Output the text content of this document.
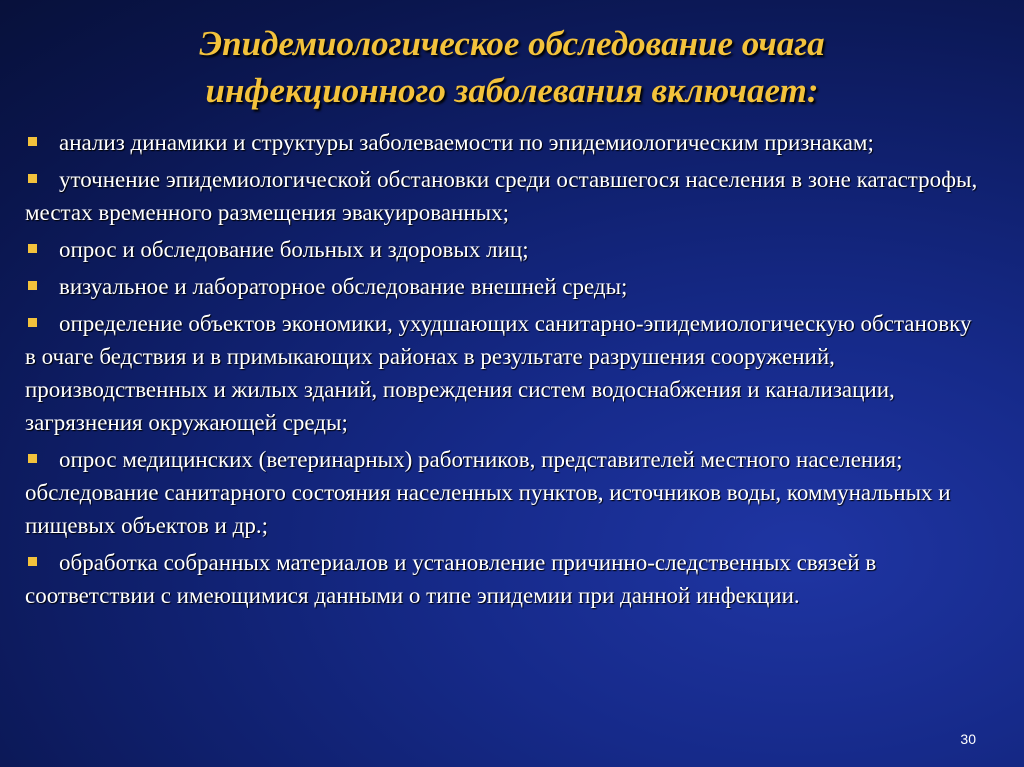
Эпидемиологическое обследование очага
инфекционного заболевания включает:
анализ динамики и структуры заболеваемости по эпидемиологическим признакам;
уточнение эпидемиологической обстановки среди оставшегося населения в зоне катастрофы, местах временного размещения эвакуированных;
опрос и обследование больных и здоровых лиц;
визуальное и лабораторное обследование внешней среды;
определение объектов экономики, ухудшающих санитарно-эпидемиологическую обстановку в очаге бедствия и в примыкающих районах в результате разрушения сооружений, производственных и жилых зданий, повреждения систем водоснабжения и канализации, загрязнения окружающей среды;
опрос медицинских (ветеринарных) работников, представителей местного населения; обследование санитарного состояния населенных пунктов, источников воды, коммунальных и пищевых объектов и др.;
обработка собранных материалов и установление причинно-следственных связей в соответствии с имеющимися данными о типе эпидемии при данной инфекции.
30
